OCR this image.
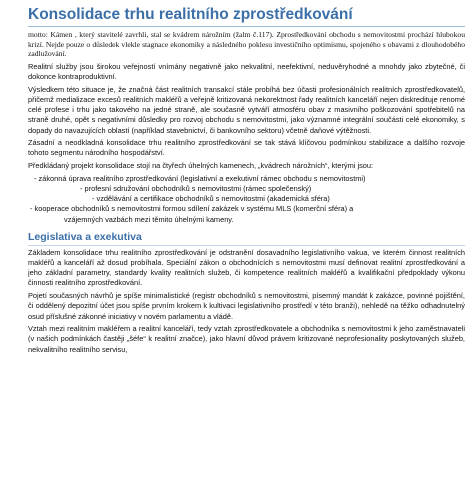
Konsolidace trhu realitního zprostředkování
motto: Kámen , který stavitelé zavrhli, stal se kvádrem nárožním (žalm č.117). Zprostředkování obchodu s nemovitostmi prochází hlubokou krizí. Nejde pouze o důsledek vlekle stagnace ekonomiky a následného poklesu investičního optimismu, spojeného s obavami z dlouhodobého zadlužování.

Realitní služby jsou širokou veřejností vnímány negativně jako nekvalitní, neefektivní, neduvěryhodné a mnohdy jako zbytečné, či dokonce kontraproduktivní.

Výsledkem této situace je, že značná část realitních transakcí stále probíhá bez účasti profesionálních realitních zprostředkovatelů, přičemž medializace excesů realitních makléřů a veřejně kritizovaná nekorektnost řady realitních kanceláří nejen diskredituje renomé celé profese i trhu jako takového na jedné straně, ale současně vytváří atmosféru obav z masivního poškozování spotřebitelů na straně druhé, opět s negativními důsledky pro rozvoj obchodu s nemovitostmi, jako významné integrální součásti celé ekonomiky, s dopady do navazujících oblastí (například stavebnictví, či bankovního sektoru) včetně daňové výtěžnosti.

Zásadní a neodkladná konsolidace trhu realitního zprostředkování se tak stává klíčovou podmínkou stabilizace a dalšího rozvoje tohoto segmentu národního hospodářství.

Předkládaný projekt konsolidace stojí na čtyřech úhelných kamenech, „kvádrech nárožních“, kterými jsou:

- zákonná úprava realitního zprostředkování (legislativní a exekutivní rámec obchodu s nemovitostmi)
- profesní sdružování obchodníků s nemovitostmi (rámec společenský)
- vzdělávání a certifikace obchodníků s nemovitostmi (akademická sféra)
- kooperace obchodníků s nemovitostmi formou sdílení zakázek v systému MLS (komerční sféra) a
vzájemných vazbách mezi těmito úhelnými kameny.
Legislativa a exekutiva

Základem konsolidace trhu realitního zprostředkování je odstranění dosavadního legislativního vakua, ve kterém činnost realitních makléřů a kanceláří až dosud probíhala. Speciální zákon o obchodnících s nemovitostmi musí definovat realitní zprostředkování a jeho základní parametry, standardy kvality realitních služeb, či kompetence realitních makléřů a kvalifikační předpoklady výkonu činnosti realitního zprostředkování.

Pojetí současných návrhů je spíše minimalistické (registr obchodníků s nemovitostmi, písemný mandát k zakázce, povinné pojištění, či oddělený depozitní účet jsou spíše prvním krokem k kultivaci legislativního prostředí v této branži), nehledě na těžko odhadnutelný osud příslušné zákonné iniciativy v novém parlamentu a vládě.

Vztah mezi realitním makléřem a realitní kanceláří, tedy vztah zprostředkovatele a obchodníka s nemovitostmi k jeho zaměstnavateli (v našich podmínkách častěji „šéfe“ k realitní značce), jako hlavní důvod právem kritizované neprofesionality poskytovaných služeb, nekvalitního realitního servisu,
